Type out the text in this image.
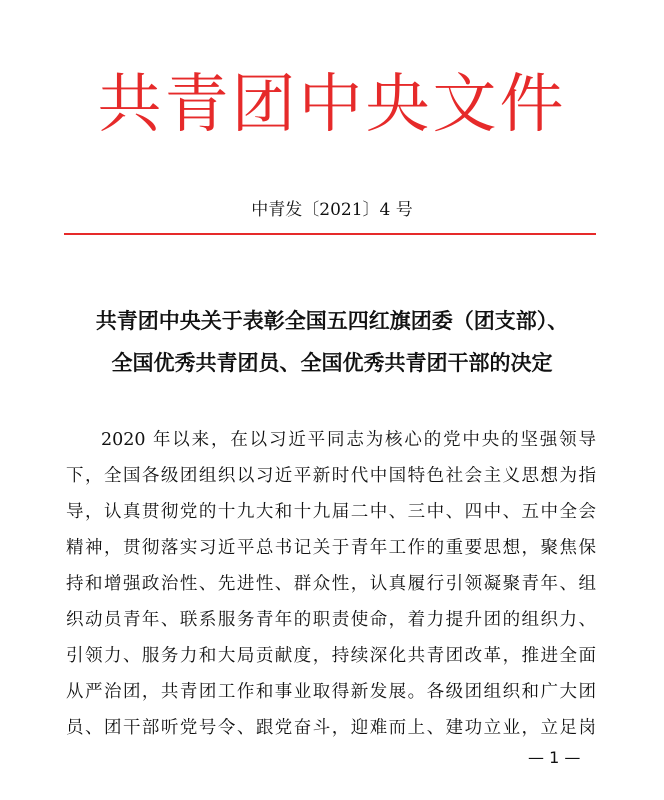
共青团中央文件
中青发〔2021〕4 号
共青团中央关于表彰全国五四红旗团委（团支部）、
全国优秀共青团员、全国优秀共青团干部的决定
2020 年以来，在以习近平同志为核心的党中央的坚强领导
下，全国各级团组织以习近平新时代中国特色社会主义思想为指
导，认真贯彻党的十九大和十九届二中、三中、四中、五中全会
精神，贯彻落实习近平总书记关于青年工作的重要思想，聚焦保
持和增强政治性、先进性、群众性，认真履行引领凝聚青年、组
织动员青年、联系服务青年的职责使命，着力提升团的组织力、
引领力、服务力和大局贡献度，持续深化共青团改革，推进全面
从严治团，共青团工作和事业取得新发展。各级团组织和广大团
员、团干部听党号令、跟党奋斗，迎难而上、建功立业，立足岗
— 1 —
